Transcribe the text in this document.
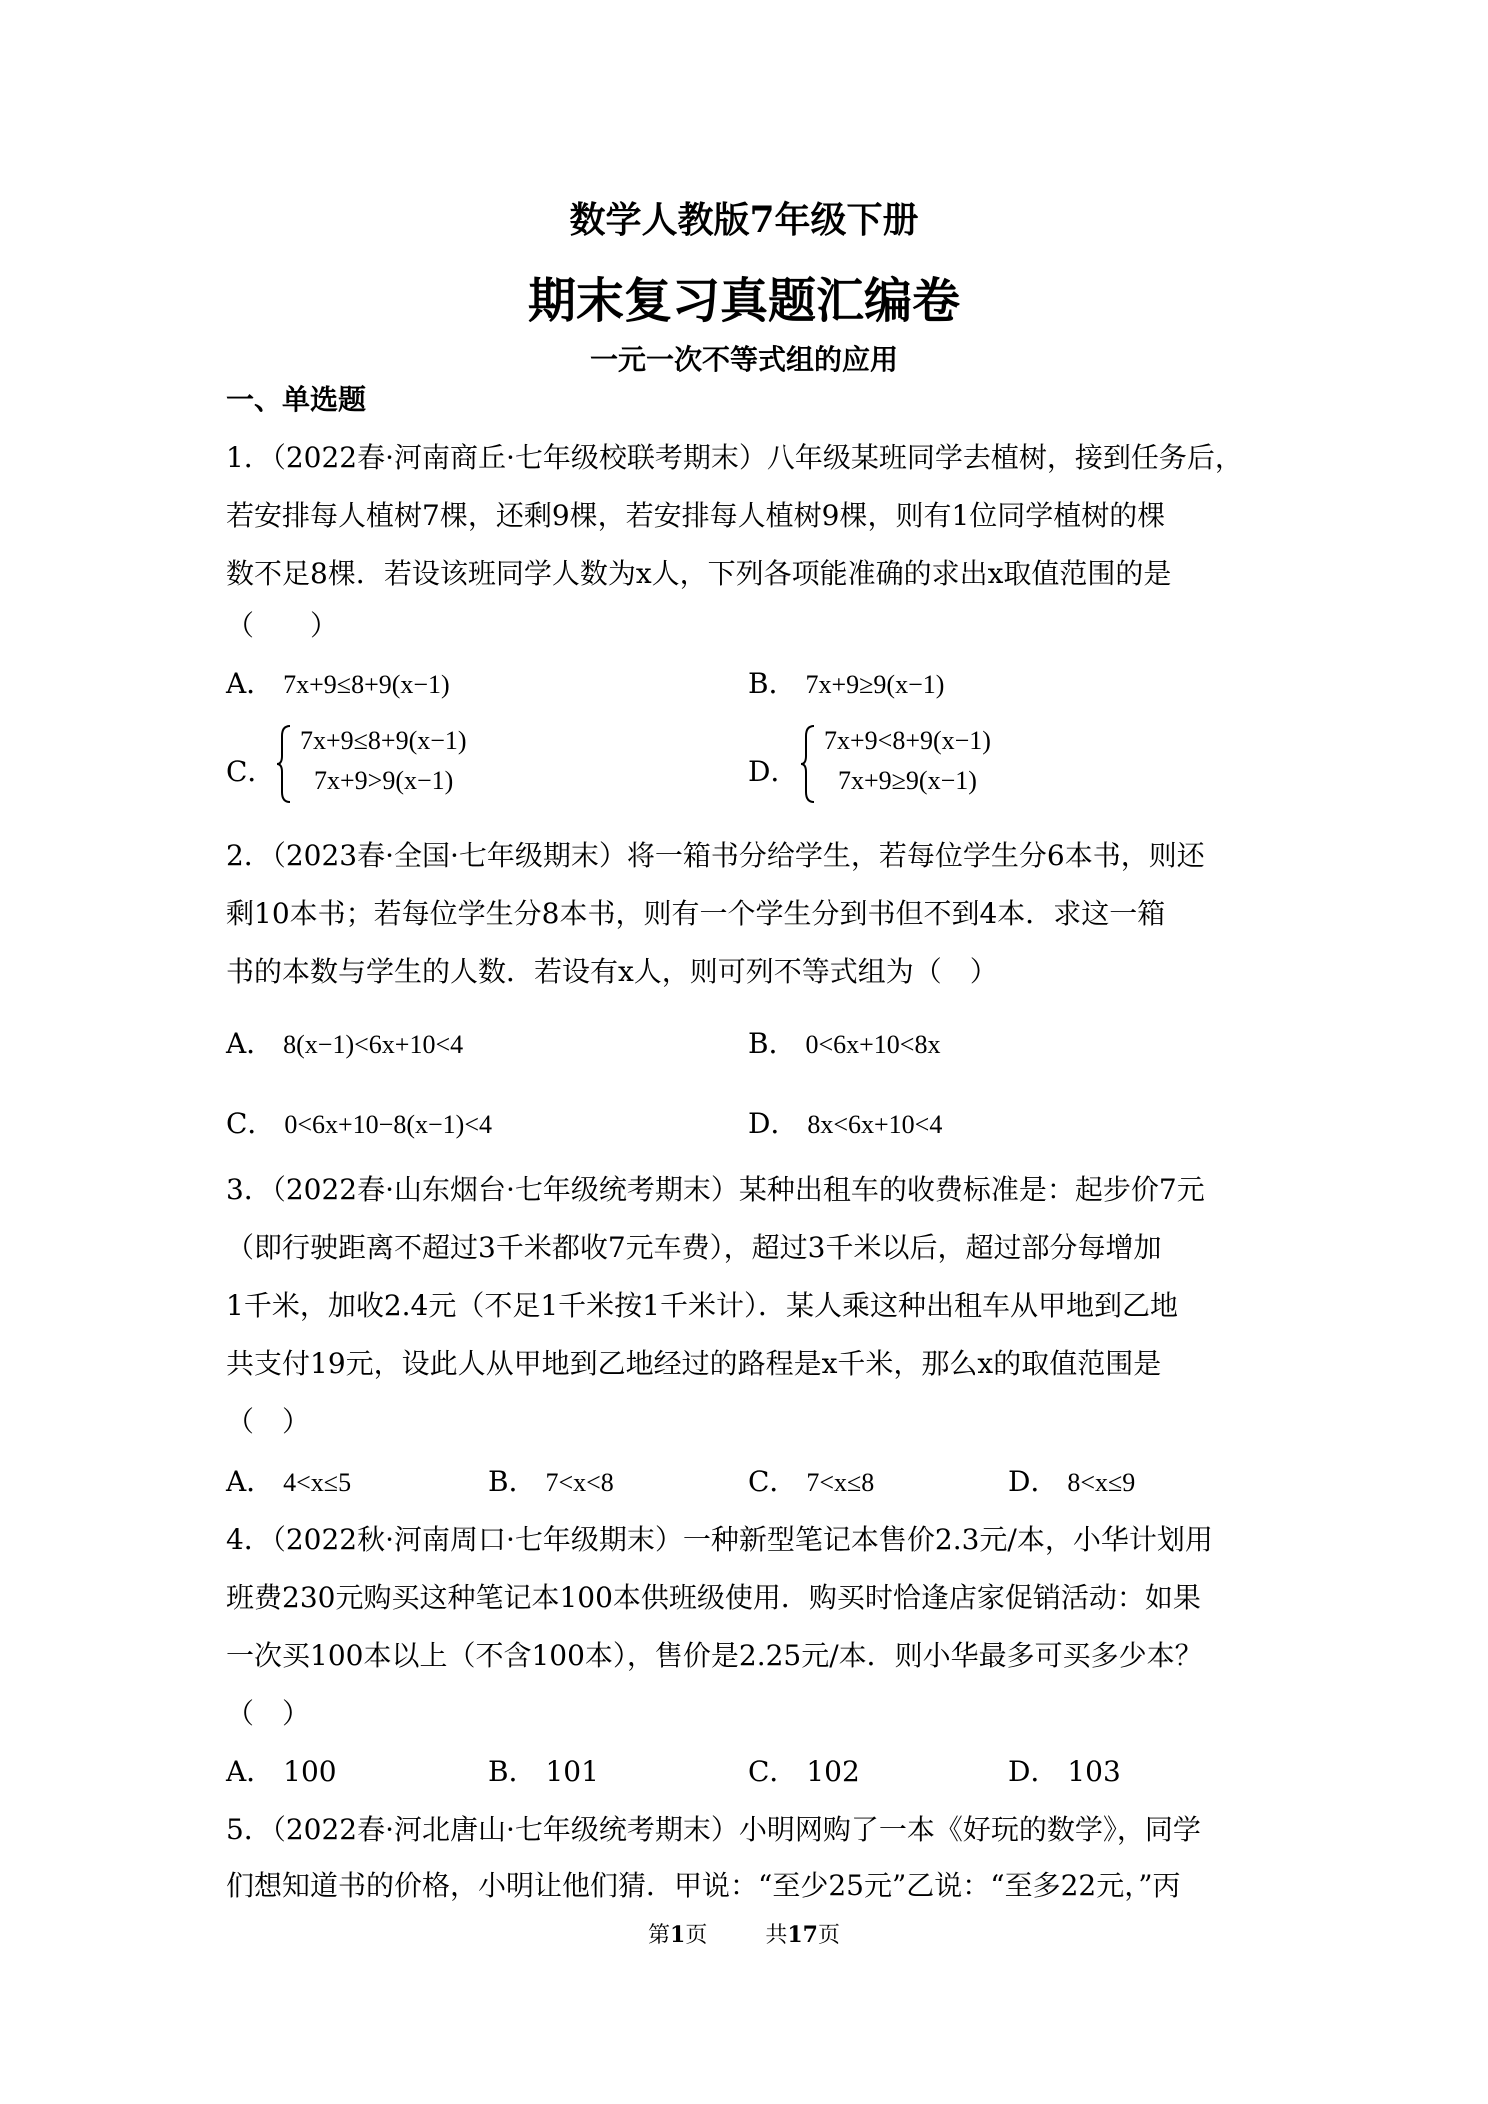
数学人教版7年级下册
期末复习真题汇编卷
一元一次不等式组的应用
一、单选题
1．（2022春·河南商丘·七年级校联考期末）八年级某班同学去植树，接到任务后，
若安排每人植树7棵，还剩9棵，若安排每人植树9棵，则有1位同学植树的棵
数不足8棵．若设该班同学人数为x人，下列各项能准确的求出x取值范围的是
（　　）
A． 7x+9≤8+9(x−1)	B． 7x+9≥9(x−1)
C．
7x+9≤8+9(x−1)
7x+9>9(x−1)	D．
7x+9<8+9(x−1)
7x+9≥9(x−1)
2．（2023春·全国·七年级期末）将一箱书分给学生，若每位学生分6本书，则还
剩10本书；若每位学生分8本书，则有一个学生分到书但不到4本．求这一箱
书的本数与学生的人数．若设有x人，则可列不等式组为（　）
A． 8(x−1)<6x+10<4	B． 0<6x+10<8x
C． 0<6x+10−8(x−1)<4	D． 8x<6x+10<4
3．（2022春·山东烟台·七年级统考期末）某种出租车的收费标准是：起步价7元
（即行驶距离不超过3千米都收7元车费），超过3千米以后，超过部分每增加
1千米，加收2.4元（不足1千米按1千米计）．某人乘这种出租车从甲地到乙地
共支付19元，设此人从甲地到乙地经过的路程是x千米，那么x的取值范围是
（　）
A． 4<x≤5	B． 7<x<8	C． 7<x≤8	D． 8<x≤9
4．（2022秋·河南周口·七年级期末）一种新型笔记本售价2.3元/本，小华计划用
班费230元购买这种笔记本100本供班级使用．购买时恰逢店家促销活动：如果
一次买100本以上（不含100本），售价是2.25元/本．则小华最多可买多少本？
（　）
A． 100	B． 101	C． 102	D． 103
5．（2022春·河北唐山·七年级统考期末）小明网购了一本《好玩的数学》，同学
们想知道书的价格，小明让他们猜．甲说：“至少25元”乙说：“至多22元，”丙
第1页	共17页
